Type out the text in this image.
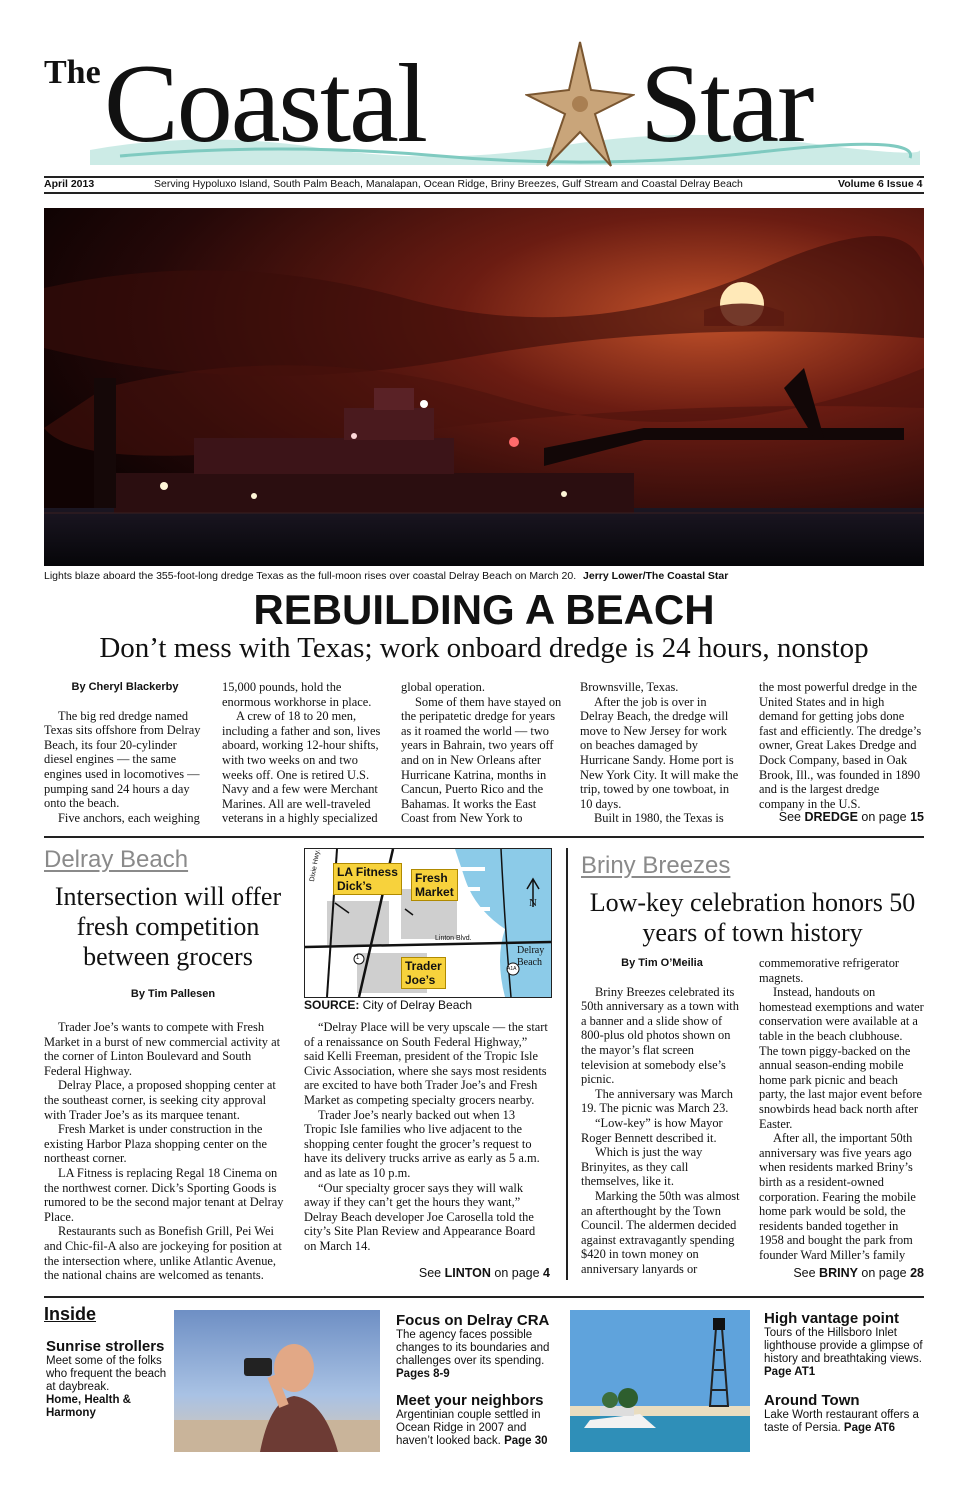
The Coastal Star
April 2013	Serving Hypoluxo Island, South Palm Beach, Manalapan, Ocean Ridge, Briny Breezes, Gulf Stream and Coastal Delray Beach	Volume 6 Issue 4
Lights blaze aboard the 355-foot-long dredge Texas as the full-moon rises over coastal Delray Beach on March 20. Jerry Lower/The Coastal Star
REBUILDING A BEACH
Don’t mess with Texas; work onboard dredge is 24 hours, nonstop

By Cheryl Blackerby

The big red dredge named Texas sits offshore from Delray Beach, its four 20-cylinder diesel engines — the same engines used in locomotives — pumping sand 24 hours a day onto the beach.

Five anchors, each weighing

15,000 pounds, hold the enormous workhorse in place.

A crew of 18 to 20 men, including a father and son, lives aboard, working 12-hour shifts, with two weeks on and two weeks off. One is retired U.S. Navy and a few were Merchant Marines. All are well-traveled veterans in a highly specialized

global operation.

Some of them have stayed on the peripatetic dredge for years as it roamed the world — two years in Bahrain, two years off and on in New Orleans after Hurricane Katrina, months in Cancun, Puerto Rico and the Bahamas. It works the East Coast from New York to

Brownsville, Texas.

After the job is over in Delray Beach, the dredge will move to New Jersey for work on beaches damaged by Hurricane Sandy. Home port is New York City. It will make the trip, towed by one towboat, in 10 days.

Built in 1980, the Texas is

the most powerful dredge in the United States and in high demand for getting jobs done fast and efficiently. The dredge’s owner, Great Lakes Dredge and Dock Company, based in Oak Brook, Ill., was founded in 1890 and is the largest dredge company in the U.S.

See DREDGE on page 15
Delray Beach
Intersection will offer fresh competition between grocers
By Tim Pallesen
LA Fitness
Dick’s
Fresh
Market
Trader
Joe’s
Dixie Hwy.
Linton Blvd.
Delray
Beach
N
1
A1A
SOURCE: City of Delray Beach

Trader Joe’s wants to compete with Fresh Market in a burst of new commercial activity at the corner of Linton Boulevard and South Federal Highway.

Delray Place, a proposed shopping center at the southeast corner, is seeking city approval with Trader Joe’s as its marquee tenant.

Fresh Market is under construction in the existing Harbor Plaza shopping center on the northeast corner.

LA Fitness is replacing Regal 18 Cinema on the northwest corner. Dick’s Sporting Goods is rumored to be the second major tenant at Delray Place.

Restaurants such as Bonefish Grill, Pei Wei and Chic-fil-A also are jockeying for position at the intersection where, unlike Atlantic Avenue, the national chains are welcomed as tenants.

“Delray Place will be very upscale — the start of a renaissance on South Federal Highway,” said Kelli Freeman, president of the Tropic Isle Civic Association, where she says most residents are excited to have both Trader Joe’s and Fresh Market as competing specialty grocers nearby.

Trader Joe’s nearly backed out when 13 Tropic Isle families who live adjacent to the shopping center fought the grocer’s request to have its delivery trucks arrive as early as 5 a.m. and as late as 10 p.m.

“Our specialty grocer says they will walk away if they can’t get the hours they want,” Delray Beach developer Joe Carosella told the city’s Site Plan Review and Appearance Board on March 14.

See LINTON on page 4
Briny Breezes
Low-key celebration honors 50 years of town history

By Tim O’Meilia

Briny Breezes celebrated its 50th anniversary as a town with a banner and a slide show of 800-plus old photos shown on the mayor’s flat screen television at somebody else’s picnic.

The anniversary was March 19. The picnic was March 23.

“Low-key” is how Mayor Roger Bennett described it.

Which is just the way Brinyites, as they call themselves, like it.

Marking the 50th was almost an afterthought by the Town Council. The aldermen decided against extravagantly spending $420 in town money on anniversary lanyards or

commemorative refrigerator magnets.

Instead, handouts on homestead exemptions and water conservation were available at a table in the beach clubhouse. The town piggy-backed on the annual season-ending mobile home park picnic and beach party, the last major event before snowbirds head back north after Easter.

After all, the important 50th anniversary was five years ago when residents marked Briny’s birth as a resident-owned corporation. Fearing the mobile home park would be sold, the residents banded together in 1958 and bought the park from founder Ward Miller’s family

See BRINY on page 28
Inside

Sunrise strollers

Meet some of the folks who frequent the beach at daybreak.

Home, Health & Harmony

Focus on Delray CRA

The agency faces possible changes to its boundaries and challenges over its spending. Pages 8-9

Meet your neighbors

Argentinian couple settled in Ocean Ridge in 2007 and haven’t looked back. Page 30

High vantage point

Tours of the Hillsboro Inlet lighthouse provide a glimpse of history and breathtaking views.

Page AT1

Around Town

Lake Worth restaurant offers a taste of Persia. Page AT6
